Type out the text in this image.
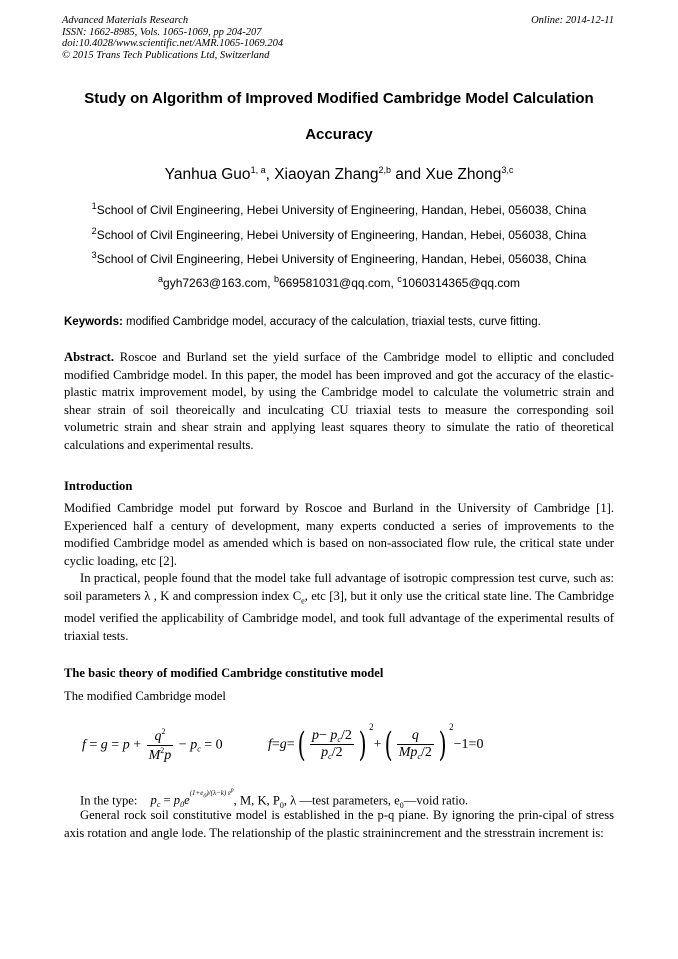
Advanced Materials Research
ISSN: 1662-8985, Vols. 1065-1069, pp 204-207
doi:10.4028/www.scientific.net/AMR.1065-1069.204
© 2015 Trans Tech Publications Ltd, Switzerland
Online: 2014-12-11
Study on Algorithm of Improved Modified Cambridge Model Calculation
Accuracy
Yanhua Guo$^{1, a}$, Xiaoyan Zhang$^{2,b}$ and Xue Zhong$^{3,c}$
$^1$School of Civil Engineering, Hebei University of Engineering, Handan, Hebei, 056038, China
$^2$School of Civil Engineering, Hebei University of Engineering, Handan, Hebei, 056038, China
$^3$School of Civil Engineering, Hebei University of Engineering, Handan, Hebei, 056038, China
$^a$gyh7263@163.com, $^b$669581031@qq.com, $^c$1060314365@qq.com
Keywords: modified Cambridge model, accuracy of the calculation, triaxial tests, curve fitting.
Abstract. Roscoe and Burland set the yield surface of the Cambridge model to elliptic and concluded modified Cambridge model. In this paper, the model has been improved and got the accuracy of the elastic-plastic matrix improvement model, by using the Cambridge model to calculate the volumetric strain and shear strain of soil theoreically and inculcating CU triaxial tests to measure the corresponding soil volumetric strain and shear strain and applying least squares theory to simulate the ratio of theoretical calculations and experimental results.
Introduction
Modified Cambridge model put forward by Roscoe and Burland in the University of Cambridge [1]. Experienced half a century of development, many experts conducted a series of improvements to the modified Cambridge model as amended which is based on non-associated flow rule, the critical state under cyclic loading, etc [2].
In practical, people found that the model take full advantage of isotropic compression test curve, such as: soil parameters λ , K and compression index $C_e$, etc [3], but it only use the critical state line. The Cambridge model verified the applicability of Cambridge model, and took full advantage of the experimental results of triaxial tests.
The basic theory of modified Cambridge constitutive model
The modified Cambridge model
$f = g = p + \frac{q^2}{M^2p} - p_c = 0$	$f=g=( \frac{p- p_c/2}{p_c/2}$ ) $^2+( \frac{q}{Mp_c/2}$ ) $^2$−1=0
In the type: $p_c = p_0e^{(1+e_0)/(\lambda-k) \varepsilon^p}$, M, K, $P_0$, λ —test parameters, $e_0—void$ ratio.
General rock soil constitutive model is established in the p-q piane. By ignoring the prin-cipal of stress axis rotation and angle lode. The relationship of the plastic strainincrement and the stresstrain increment is:
